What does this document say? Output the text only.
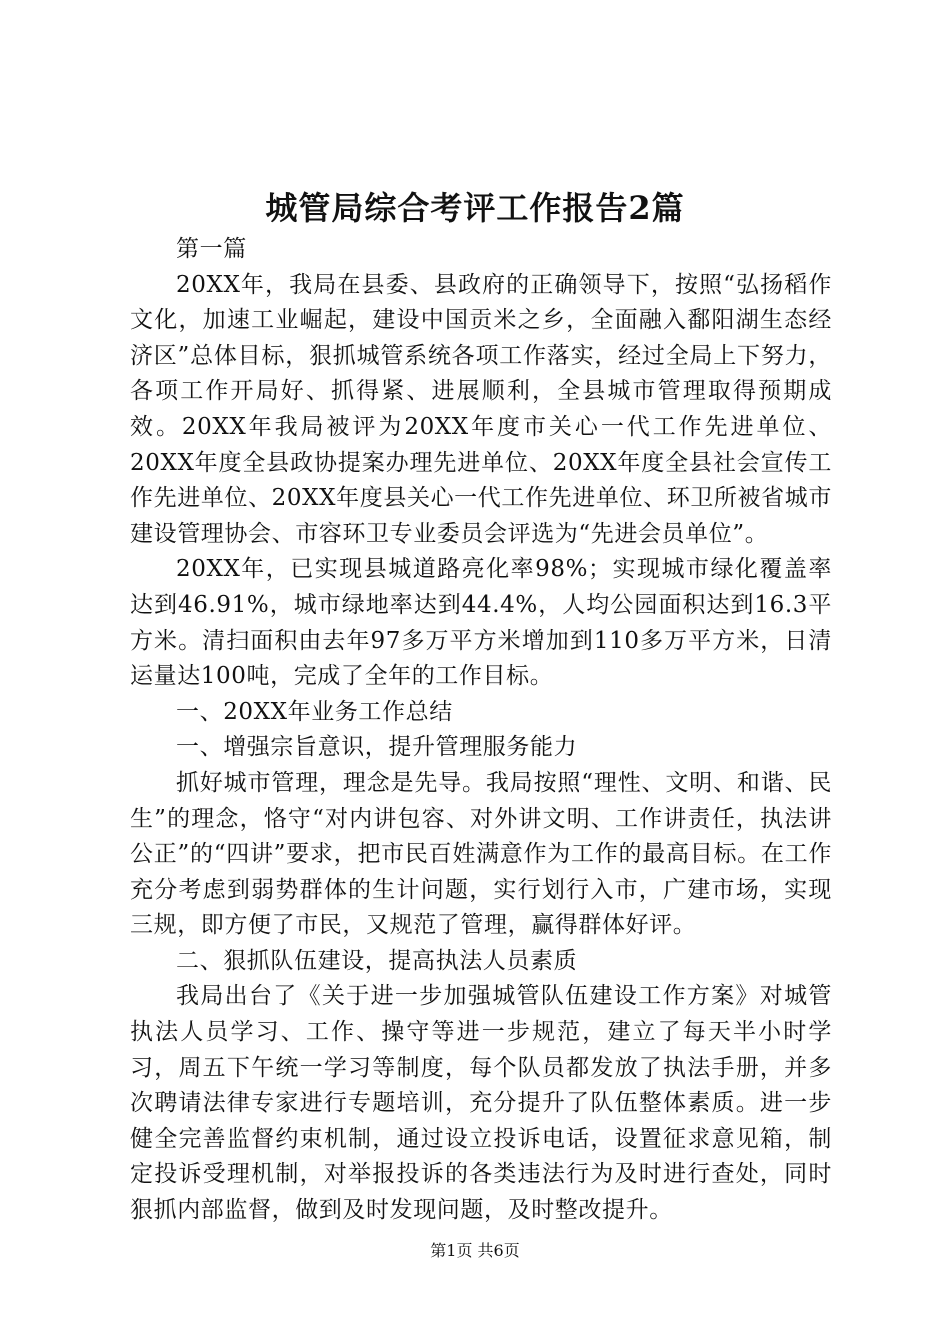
城管局综合考评工作报告2篇

第一篇

20XX年，我局在县委、县政府的正确领导下，按照“弘扬稻作文化，加速工业崛起，建设中国贡米之乡，全面融入鄱阳湖生态经济区”总体目标，狠抓城管系统各项工作落实，经过全局上下努力，各项工作开局好、抓得紧、进展顺利，全县城市管理取得预期成效。20XX年我局被评为20XX年度市关心一代工作先进单位、20XX年度全县政协提案办理先进单位、20XX年度全县社会宣传工作先进单位、20XX年度县关心一代工作先进单位、环卫所被省城市建设管理协会、市容环卫专业委员会评选为“先进会员单位”。

20XX年，已实现县城道路亮化率98%；实现城市绿化覆盖率达到46.91%，城市绿地率达到44.4%，人均公园面积达到16.3平方米。清扫面积由去年97多万平方米增加到110多万平方米，日清运量达100吨，完成了全年的工作目标。

一、20XX年业务工作总结

一、增强宗旨意识，提升管理服务能力

抓好城市管理，理念是先导。我局按照“理性、文明、和谐、民生”的理念，恪守“对内讲包容、对外讲文明、工作讲责任，执法讲公正”的“四讲”要求，把市民百姓满意作为工作的最高目标。在工作充分考虑到弱势群体的生计问题，实行划行入市，广建市场，实现三规，即方便了市民，又规范了管理，赢得群体好评。

二、狠抓队伍建设，提高执法人员素质

我局出台了《关于进一步加强城管队伍建设工作方案》对城管执法人员学习、工作、操守等进一步规范，建立了每天半小时学习，周五下午统一学习等制度，每个队员都发放了执法手册，并多次聘请法律专家进行专题培训，充分提升了队伍整体素质。进一步健全完善监督约束机制，通过设立投诉电话，设置征求意见箱，制定投诉受理机制，对举报投诉的各类违法行为及时进行查处，同时狠抓内部监督，做到及时发现问题，及时整改提升。

第1页 共6页
